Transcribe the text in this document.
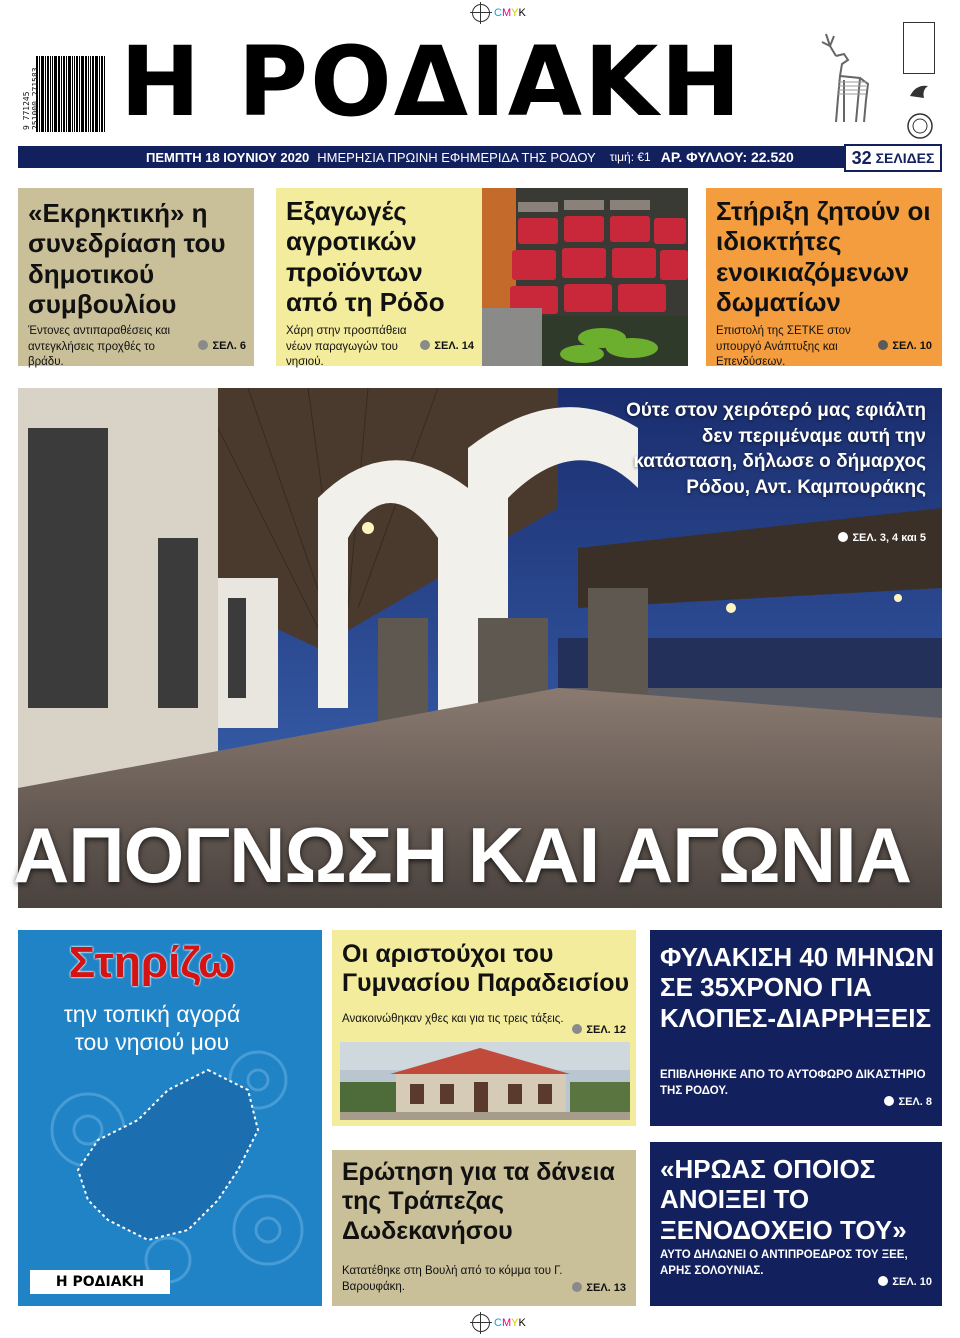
CMYK
CMYK
9 771245 251000 271583 Η ΡΟΔΙΑΚΗ
ΠΕΜΠΤΗ 18 ΙΟΥΝΙΟΥ 2020 ΗΜΕΡΗΣΙΑ ΠΡΩΙΝΗ ΕΦΗΜΕΡΙΔΑ ΤΗΣ ΡΟΔΟΥ τιμή: €1 ΑΡ. ΦΥΛΛΟΥ: 22.520	32 ΣΕΛΙΔΕΣ
«Εκρηκτική» η συνεδρίαση του δημοτικού συμβουλίου
Έντονες αντιπαραθέσεις και αντεγκλήσεις προχθές το βράδυ.
ΣΕΛ. 6
Εξαγωγές αγροτικών προϊόντων από τη Ρόδο
Χάρη στην προσπάθεια νέων παραγωγών του νησιού.
ΣΕΛ. 14
Στήριξη ζητούν οι ιδιοκτήτες ενοικιαζόμενων δωματίων
Επιστολή της ΣΕΤΚΕ στον υπουργό Ανάπτυξης και Επενδύσεων.
ΣΕΛ. 10
ΑΠΟΓΝΩΣΗ ΚΑΙ ΑΓΩΝΙΑ
Ούτε στον χειρότερό μας εφιάλτη δεν περιμέναμε αυτή την κατάσταση, δήλωσε ο δήμαρχος Ρόδου, Αντ. Καμπουράκης
ΣΕΛ. 3, 4 και 5
Στηρίζω
την τοπική αγορά
του νησιού μου
Η ΡΟΔΙΑΚΗ
Οι αριστούχοι του Γυμνασίου Παραδεισίου
Ανακοινώθηκαν χθες και για τις τρεις τάξεις.
ΣΕΛ. 12
Ερώτηση για τα δάνεια της Τράπεζας Δωδεκανήσου
Κατατέθηκε στη Βουλή από το κόμμα του Γ. Βαρουφάκη.	ΣΕΛ. 13
ΦΥΛΑΚΙΣΗ 40 ΜΗΝΩΝ ΣΕ 35ΧΡΟΝΟ ΓΙΑ ΚΛΟΠΕΣ-ΔΙΑΡΡΗΞΕΙΣ
ΕΠΙΒΛΗΘΗΚΕ ΑΠΟ ΤΟ ΑΥΤΟΦΩΡΟ ΔΙΚΑΣΤΗΡΙΟ ΤΗΣ ΡΟΔΟΥ.
ΣΕΛ. 8
«ΗΡΩΑΣ ΟΠΟΙΟΣ ΑΝΟΙΞΕΙ ΤΟ ΞΕΝΟΔΟΧΕΙΟ ΤΟΥ»
ΑΥΤΟ ΔΗΛΩΝΕΙ Ο ΑΝΤΙΠΡΟΕΔΡΟΣ ΤΟΥ ΞΕΕ, ΑΡΗΣ ΣΟΛΟΥΝΙΑΣ.
ΣΕΛ. 10
